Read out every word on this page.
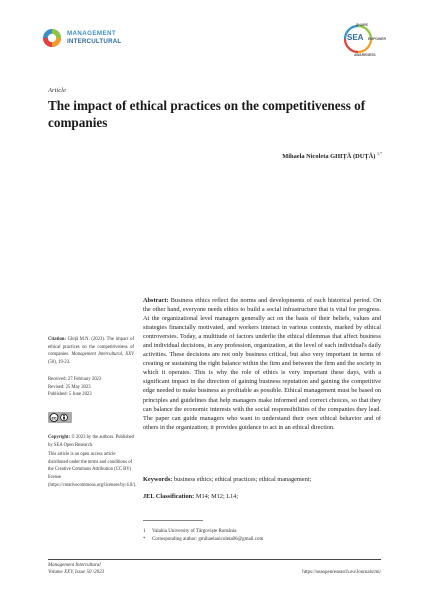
MANAGEMENT
INTERCULTURAL	SEA
SHARE
EMPOWER
AWARENESS
Article
The impact of ethical practices on the competitiveness of companies
Mihaela Nicoleta GHIȚĂ (DUȚĂ) $^{1,*}$
Abstract: Business ethics reflect the norms and developments of each historical period. On the other hand, everyone needs ethics to build a social infrastructure that is vital for progress. At the organizational level managers generally act on the basis of their beliefs, values and strategies financially motivated, and workers interact in various contexts, marked by ethical controversies. Today, a multitude of factors underlie the ethical dilemmas that affect business and individual decisions, in any profession, organization, at the level of each individual's daily activities. These decisions are not only business critical, but also very important in terms of creating or sustaining the right balance within the firm and between the firm and the society in which it operates. This is why the role of ethics is very important these days, with a significant impact in the direction of gaining business reputation and gaining the competitive edge needed to make business as profitable as possible. Ethical management must be based on principles and guidelines that help managers make informed and correct choices, so that they can balance the economic interests with the social responsibilities of the companies they lead. The paper can guide managers who want to understand their own ethical behavior and of others in the organization; it provides guidance to act in an ethical direction.
Keywords: business ethics; ethical practices; ethical management;
JEL Classification: M14; M12; L14;
Citation: Ghiță M.N. (2023). The impact of ethical practices on the competitiveness of companies. Management Intercultural, XXV (50), 19-23.
Received: 27 February 2023
Revised: 25 May 2023
Published: 5 June 2023
cc
Copyright: © 2023 by the authors. Published by SEA Open Research.
This article is an open access article distributed under the terms and conditions of the Creative Commons Attribution (CC BY) license (https://creativecommons.org/licenses/by/4.0/).
1	Valahia University of Târgoviște România
*	Corresponding author: gmihaelanicoleta86@gmail.com
Management Intercultural
Volume XXV, Issue 50 /2023	https://seaopenresearch.eu/Journals/mi/
